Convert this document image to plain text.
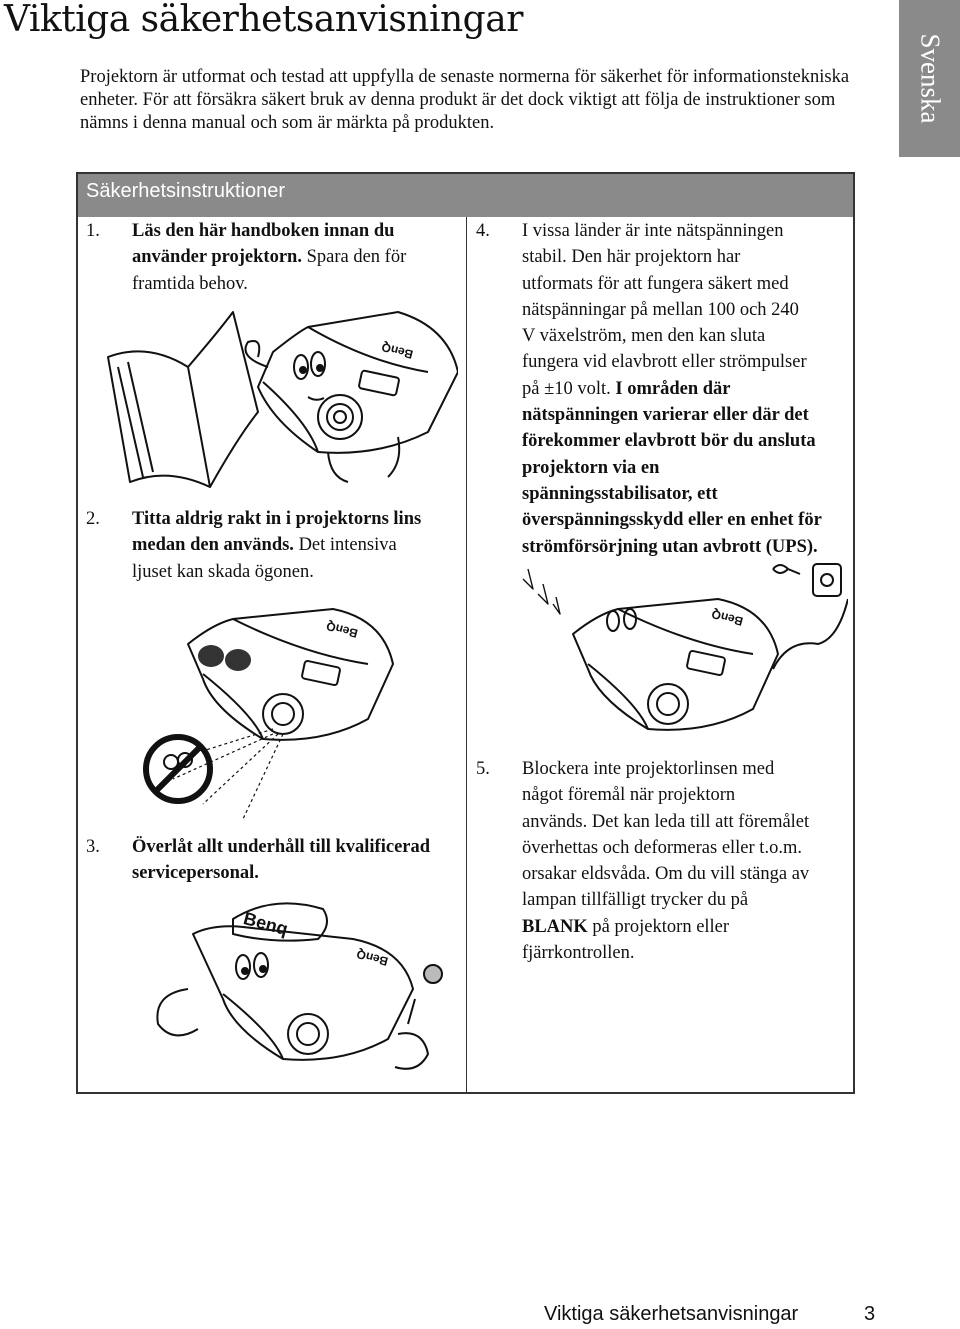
Viktiga säkerhetsanvisningar
Svenska
Projektorn är utformat och testad att uppfylla de senaste normerna för säkerhet för informationstekniska enheter. För att försäkra säkert bruk av denna produkt är det dock viktigt att följa de instruktioner som nämns i denna manual och som är märkta på produkten.
Säkerhetsinstruktioner
1. Läs den här handboken innan du
använder projektorn. Spara den för
framtida behov.
BenQ
2. Titta aldrig rakt in i projektorns lins
medan den används. Det intensiva
ljuset kan skada ögonen.
BenQ
3. Överlåt allt underhåll till kvalificerad
servicepersonal.
Benq
BenQ
4. I vissa länder är inte nätspänningen
stabil. Den här projektorn har
utformats för att fungera säkert med
nätspänningar på mellan 100 och 240
V växelström, men den kan sluta
fungera vid elavbrott eller strömpulser
på ±10 volt. I områden där
nätspänningen varierar eller där det
förekommer elavbrott bör du ansluta
projektorn via en
spänningsstabilisator, ett
överspänningsskydd eller en enhet för
strömförsörjning utan avbrott (UPS).
BenQ
5. Blockera inte projektorlinsen med
något föremål när projektorn
används. Det kan leda till att föremålet
överhettas och deformeras eller t.o.m.
orsakar eldsvåda. Om du vill stänga av
lampan tillfälligt trycker du på
BLANK på projektorn eller
fjärrkontrollen.
Viktiga säkerhetsanvisningar	3
